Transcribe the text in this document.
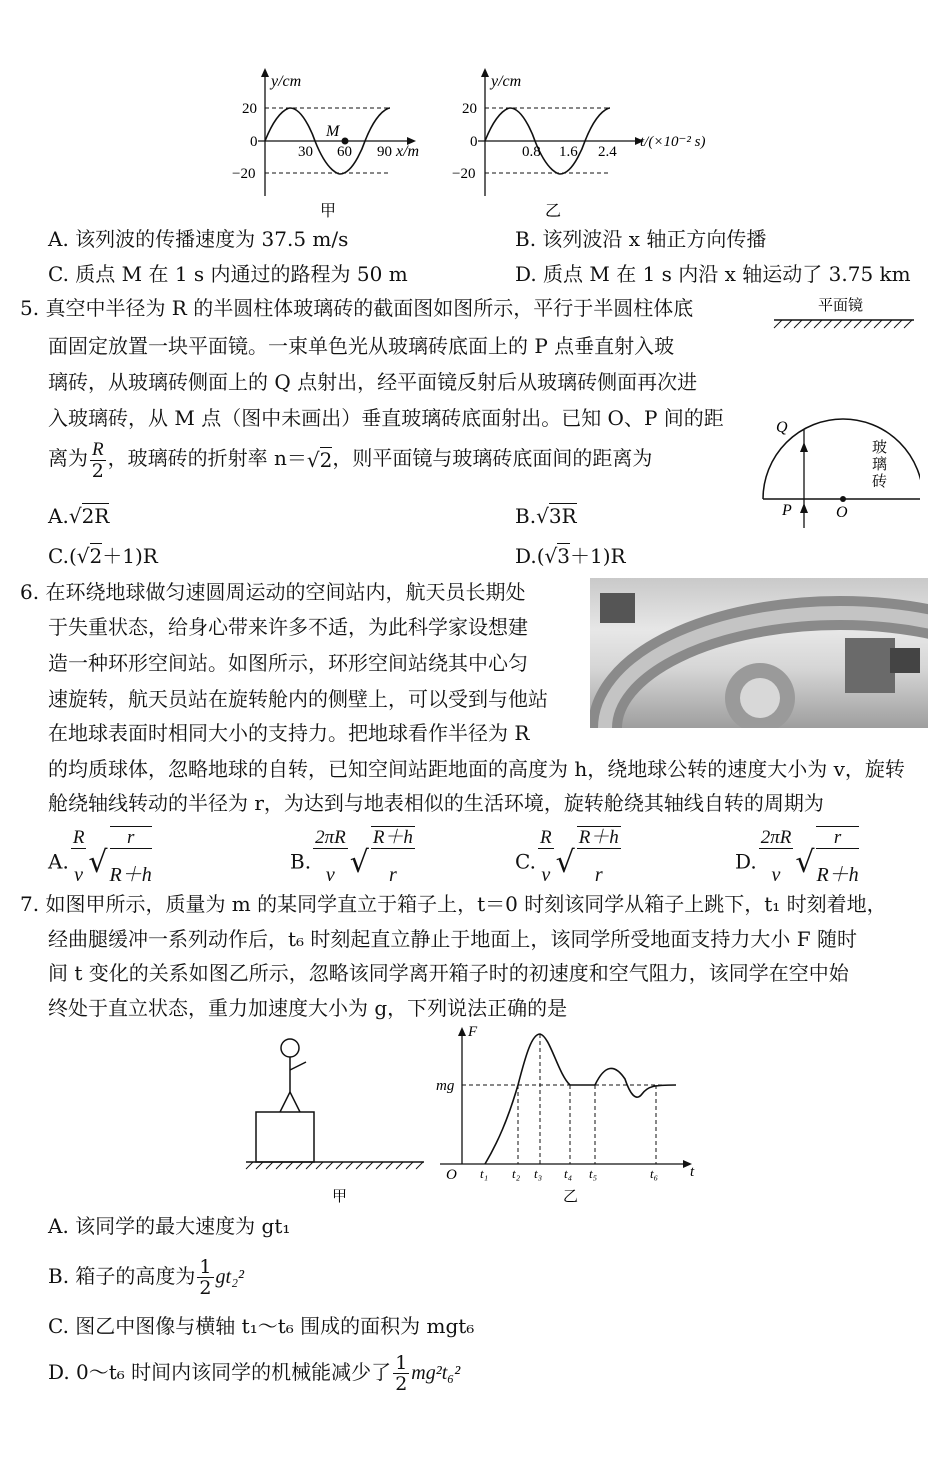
y/cm
20
0
−20
30 60 90
M
x/m
甲
y/cm
20
0
−20
0.8 1.6 2.4
t/(×10⁻² s)
乙
A. 该列波的传播速度为 37.5 m/s	B. 该列波沿 x 轴正方向传播
C. 质点 M 在 1 s 内通过的路程为 50 m	D. 质点 M 在 1 s 内沿 x 轴运动了 3.75 km
5. 真空中半径为 R 的半圆柱体玻璃砖的截面图如图所示，平行于半圆柱体底
面固定放置一块平面镜。一束单色光从玻璃砖底面上的 P 点垂直射入玻
璃砖，从玻璃砖侧面上的 Q 点射出，经平面镜反射后从玻璃砖侧面再次进
入玻璃砖，从 M 点（图中未画出）垂直玻璃砖底面射出。已知 O、P 间的距
离为 $\frac{R}{2}$ ，玻璃砖的折射率 n＝√2，则平面镜与玻璃砖底面间的距离为
A.√2R	B.√3R
C.(√2＋1)R	D.(√3＋1)R
平面镜
Q
P	O
玻璃砖
6. 在环绕地球做匀速圆周运动的空间站内，航天员长期处
于失重状态，给身心带来许多不适，为此科学家设想建
造一种环形空间站。如图所示，环形空间站绕其中心匀
速旋转，航天员站在旋转舱内的侧壁上，可以受到与他站
在地球表面时相同大小的支持力。把地球看作半径为 R
的均质球体，忽略地球的自转，已知空间站距地面的高度为 h，绕地球公转的速度大小为 v，旋转
舱绕轴线转动的半径为 r，为达到与地表相似的生活环境，旋转舱绕其轴线自转的周期为
A. $\frac{R}{v}√ \frac{r}{R+h}$	B. $\frac{2\pi R}{v}√ \frac{R+h}{r}$	C. $\frac{R}{v}√ \frac{R+h}{r}$	D. $\frac{2\pi R}{v}√ \frac{r}{R+h}$
7. 如图甲所示，质量为 m 的某同学直立于箱子上，t＝0 时刻该同学从箱子上跳下，t₁ 时刻着地，
经曲腿缓冲一系列动作后，t₆ 时刻起直立静止于地面上，该同学所受地面支持力大小 F 随时
间 t 变化的关系如图乙所示，忽略该同学离开箱子时的初速度和空气阻力，该同学在空中始
终处于直立状态，重力加速度大小为 g，下列说法正确的是
甲
F
mg
O	t
t₁ t₂ t₃ t₄ t₅	t₆
乙
A. 该同学的最大速度为 gt₁
B. 箱子的高度为 $\frac{1}{2} gt_2^2$
C. 图乙中图像与横轴 t₁～t₆ 围成的面积为 mgt₆
D. 0～t₆ 时间内该同学的机械能减少了 $\frac{1}{2} mg^2t_6^2$
